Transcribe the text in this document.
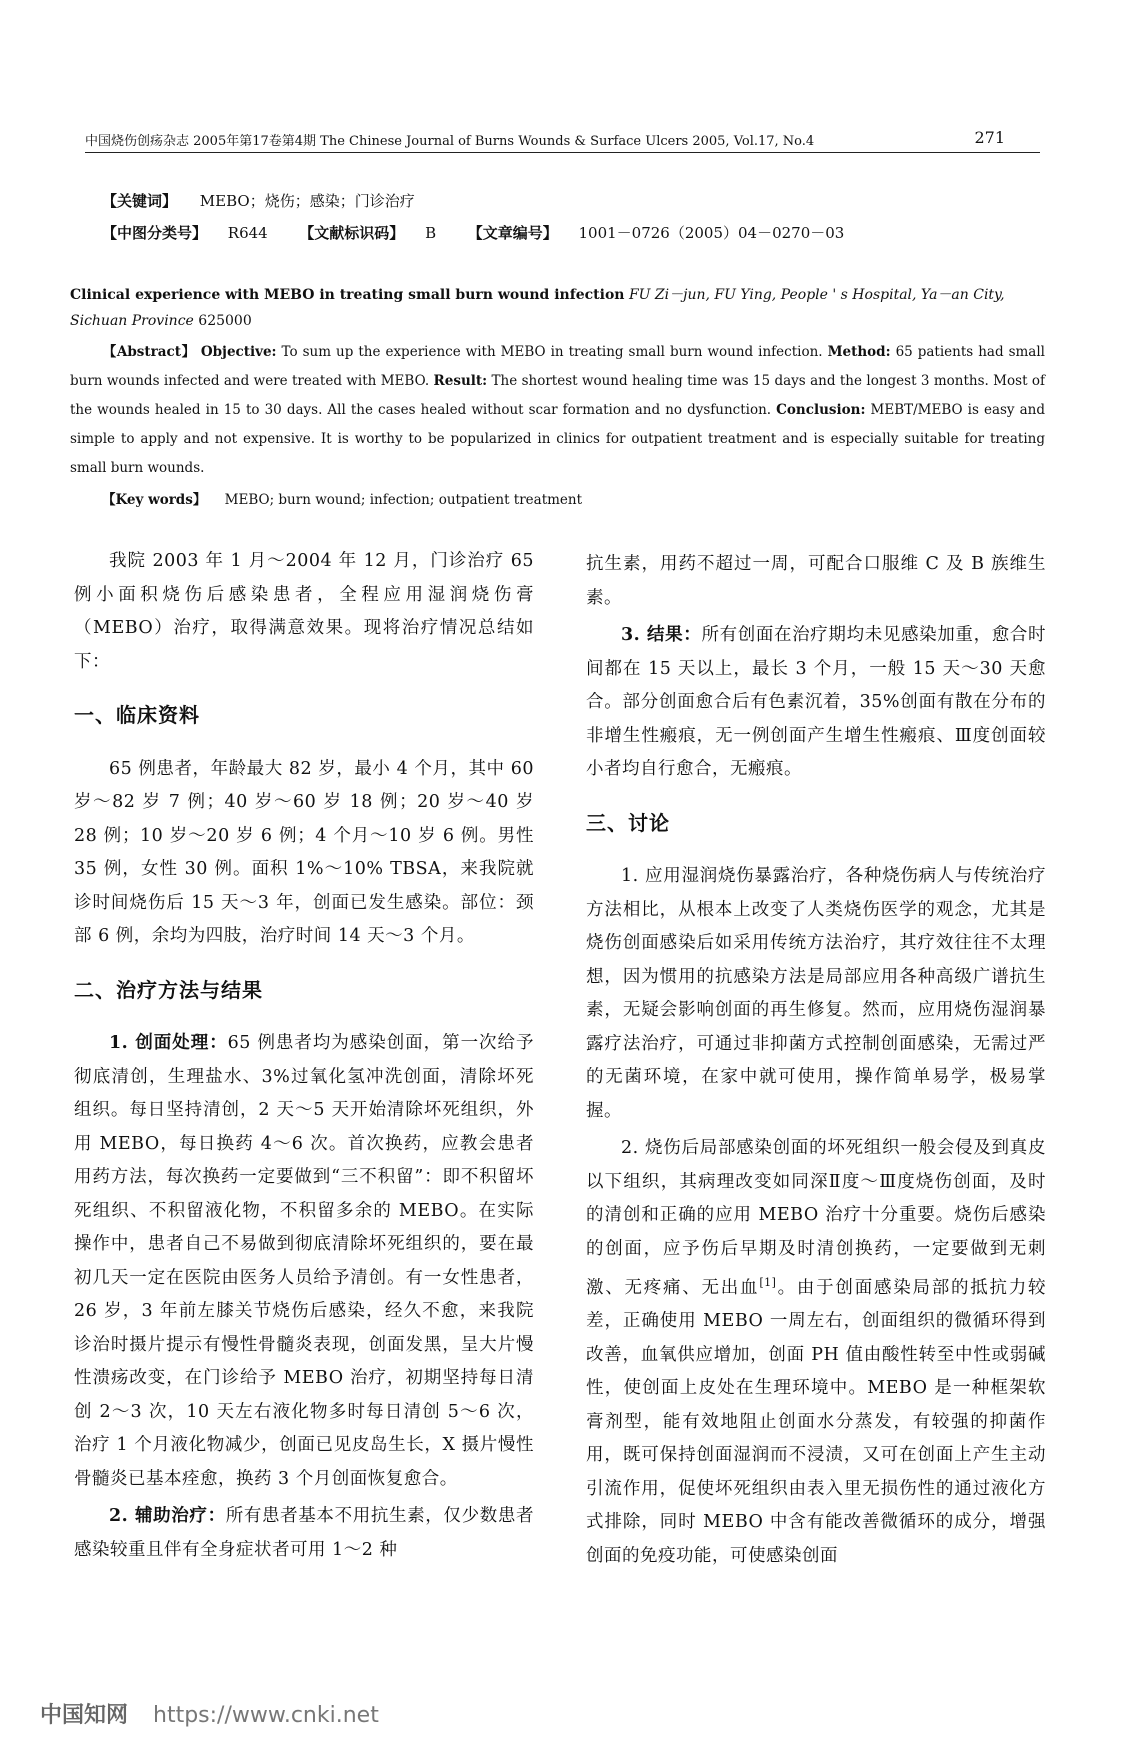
中国烧伤创疡杂志 2005年第17卷第4期 The Chinese Journal of Burns Wounds & Surface Ulcers 2005, Vol.17, No.4	271
【关键词】 MEBO；烧伤；感染；门诊治疗
【中图分类号】 R644 【文献标识码】 B 【文章编号】 1001－0726（2005）04－0270－03
Clinical experience with MEBO in treating small burn wound infection FU Zi－jun, FU Ying, People ' s Hospital, Ya－an City, Sichuan Province 625000
【Abstract】 Objective: To sum up the experience with MEBO in treating small burn wound infection. Method: 65 patients had small burn wounds infected and were treated with MEBO. Result: The shortest wound healing time was 15 days and the longest 3 months. Most of the wounds healed in 15 to 30 days. All the cases healed without scar formation and no dysfunction. Conclusion: MEBT/MEBO is easy and simple to apply and not expensive. It is worthy to be popularized in clinics for outpatient treatment and is especially suitable for treating small burn wounds.
【Key words】 MEBO; burn wound; infection; outpatient treatment

我院 2003 年 1 月～2004 年 12 月，门诊治疗 65 例小面积烧伤后感染患者，全程应用湿润烧伤膏（MEBO）治疗，取得满意效果。现将治疗情况总结如下：

一、临床资料

65 例患者，年龄最大 82 岁，最小 4 个月，其中 60 岁～82 岁 7 例；40 岁～60 岁 18 例；20 岁～40 岁 28 例；10 岁～20 岁 6 例；4 个月～10 岁 6 例。男性 35 例，女性 30 例。面积 1%～10% TBSA，来我院就诊时间烧伤后 15 天～3 年，创面已发生感染。部位：颈部 6 例，余均为四肢，治疗时间 14 天～3 个月。

二、治疗方法与结果

1. 创面处理：65 例患者均为感染创面，第一次给予彻底清创，生理盐水、3%过氧化氢冲洗创面，清除坏死组织。每日坚持清创，2 天～5 天开始清除坏死组织，外用 MEBO，每日换药 4～6 次。首次换药，应教会患者用药方法，每次换药一定要做到“三不积留”：即不积留坏死组织、不积留液化物，不积留多余的 MEBO。在实际操作中，患者自己不易做到彻底清除坏死组织的，要在最初几天一定在医院由医务人员给予清创。有一女性患者，26 岁，3 年前左膝关节烧伤后感染，经久不愈，来我院诊治时摄片提示有慢性骨髓炎表现，创面发黑，呈大片慢性溃疡改变，在门诊给予 MEBO 治疗，初期坚持每日清创 2～3 次，10 天左右液化物多时每日清创 5～6 次，治疗 1 个月液化物减少，创面已见皮岛生长，X 摄片慢性骨髓炎已基本痊愈，换药 3 个月创面恢复愈合。

2. 辅助治疗：所有患者基本不用抗生素，仅少数患者感染较重且伴有全身症状者可用 1～2 种

抗生素，用药不超过一周，可配合口服维 C 及 B 族维生素。

3. 结果：所有创面在治疗期均未见感染加重，愈合时间都在 15 天以上，最长 3 个月，一般 15 天～30 天愈合。部分创面愈合后有色素沉着，35%创面有散在分布的非增生性瘢痕，无一例创面产生增生性瘢痕、Ⅲ度创面较小者均自行愈合，无瘢痕。

三、讨论

1. 应用湿润烧伤暴露治疗，各种烧伤病人与传统治疗方法相比，从根本上改变了人类烧伤医学的观念，尤其是烧伤创面感染后如采用传统方法治疗，其疗效往往不太理想，因为惯用的抗感染方法是局部应用各种高级广谱抗生素，无疑会影响创面的再生修复。然而，应用烧伤湿润暴露疗法治疗，可通过非抑菌方式控制创面感染，无需过严的无菌环境，在家中就可使用，操作简单易学，极易掌握。

2. 烧伤后局部感染创面的坏死组织一般会侵及到真皮以下组织，其病理改变如同深Ⅱ度～Ⅲ度烧伤创面，及时的清创和正确的应用 MEBO 治疗十分重要。烧伤后感染的创面，应予伤后早期及时清创换药，一定要做到无刺激、无疼痛、无出血[1]。由于创面感染局部的抵抗力较差，正确使用 MEBO 一周左右，创面组织的微循环得到改善，血氧供应增加，创面 PH 值由酸性转至中性或弱碱性，使创面上皮处在生理环境中。MEBO 是一种框架软膏剂型，能有效地阻止创面水分蒸发，有较强的抑菌作用，既可保持创面湿润而不浸渍，又可在创面上产生主动引流作用，促使坏死组织由表入里无损伤性的通过液化方式排除，同时 MEBO 中含有能改善微循环的成分，增强创面的免疫功能，可使感染创面

中国知网 https://www.cnki.net
